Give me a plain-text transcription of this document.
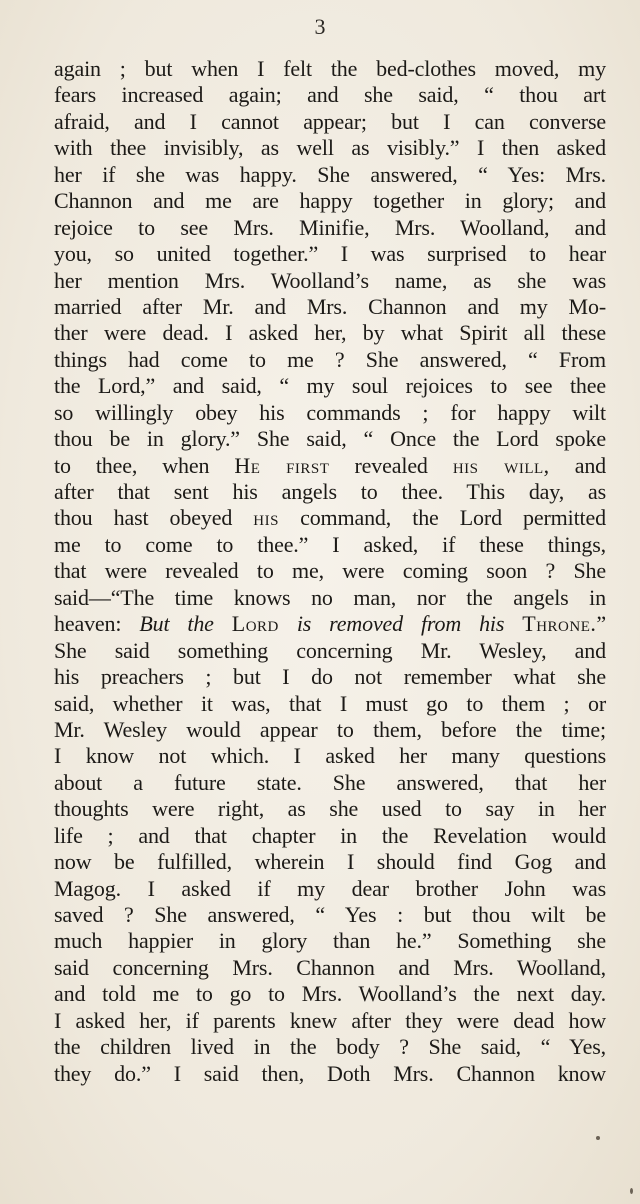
3
again ; but when I felt the bed-clothes moved, my
fears increased again; and she said, “ thou art
afraid, and I cannot appear; but I can converse
with thee invisibly, as well as visibly.” I then asked
her if she was happy. She answered, “ Yes: Mrs.
Channon and me are happy together in glory; and
rejoice to see Mrs. Minifie, Mrs. Woolland, and
you, so united together.” I was surprised to hear
her mention Mrs. Woolland’s name, as she was
married after Mr. and Mrs. Channon and my Mo-
ther were dead. I asked her, by what Spirit all these
things had come to me ? She answered, “ From
the Lord,” and said, “ my soul rejoices to see thee
so willingly obey his commands ; for happy wilt
thou be in glory.” She said, “ Once the Lord spoke
to thee, when He first revealed his will, and
after that sent his angels to thee. This day, as
thou hast obeyed his command, the Lord permitted
me to come to thee.” I asked, if these things,
that were revealed to me, were coming soon ? She
said—“The time knows no man, nor the angels in
heaven: But the Lord is removed from his Throne.”
She said something concerning Mr. Wesley, and
his preachers ; but I do not remember what she
said, whether it was, that I must go to them ; or
Mr. Wesley would appear to them, before the time;
I know not which. I asked her many questions
about a future state. She answered, that her
thoughts were right, as she used to say in her
life ; and that chapter in the Revelation would
now be fulfilled, wherein I should find Gog and
Magog. I asked if my dear brother John was
saved ? She answered, “ Yes : but thou wilt be
much happier in glory than he.” Something she
said concerning Mrs. Channon and Mrs. Woolland,
and told me to go to Mrs. Woolland’s the next day.
I asked her, if parents knew after they were dead how
the children lived in the body ? She said, “ Yes,
they do.” I said then, Doth Mrs. Channon know
